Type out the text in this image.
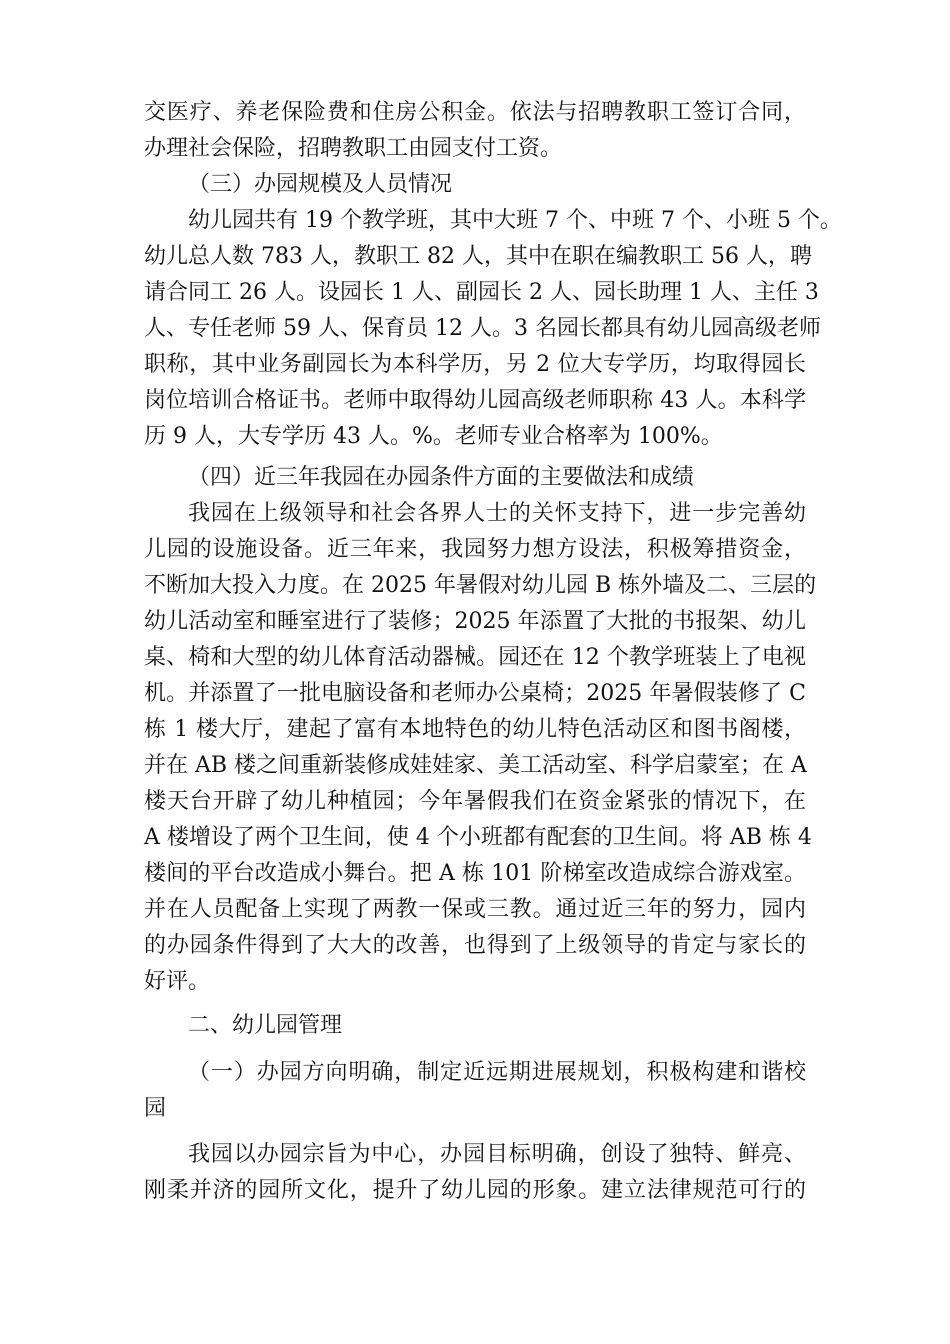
交医疗、养老保险费和住房公积金。依法与招聘教职工签订合同，
办理社会保险，招聘教职工由园支付工资。
（三）办园规模及人员情况
幼儿园共有 19 个教学班，其中大班 7 个、中班 7 个、小班 5 个。
幼儿总人数 783 人，教职工 82 人，其中在职在编教职工 56 人，聘
请合同工 26 人。设园长 1 人、副园长 2 人、园长助理 1 人、主任 3
人、专任老师 59 人、保育员 12 人。3 名园长都具有幼儿园高级老师
职称，其中业务副园长为本科学历，另 2 位大专学历，均取得园长
岗位培训合格证书。老师中取得幼儿园高级老师职称 43 人。本科学
历 9 人，大专学历 43 人。%。老师专业合格率为 100%。
（四）近三年我园在办园条件方面的主要做法和成绩
我园在上级领导和社会各界人士的关怀支持下，进一步完善幼
儿园的设施设备。近三年来，我园努力想方设法，积极筹措资金，
不断加大投入力度。在 2025 年暑假对幼儿园 B 栋外墙及二、三层的
幼儿活动室和睡室进行了装修；2025 年添置了大批的书报架、幼儿
桌、椅和大型的幼儿体育活动器械。园还在 12 个教学班装上了电视
机。并添置了一批电脑设备和老师办公桌椅；2025 年暑假装修了 C
栋 1 楼大厅，建起了富有本地特色的幼儿特色活动区和图书阁楼，
并在 AB 楼之间重新装修成娃娃家、美工活动室、科学启蒙室；在 A
楼天台开辟了幼儿种植园；今年暑假我们在资金紧张的情况下，在
A 楼增设了两个卫生间，使 4 个小班都有配套的卫生间。将 AB 栋 4
楼间的平台改造成小舞台。把 A 栋 101 阶梯室改造成综合游戏室。
并在人员配备上实现了两教一保或三教。通过近三年的努力，园内
的办园条件得到了大大的改善，也得到了上级领导的肯定与家长的
好评。
二、幼儿园管理
（一）办园方向明确，制定近远期进展规划，积极构建和谐校
园
我园以办园宗旨为中心，办园目标明确，创设了独特、鲜亮、
刚柔并济的园所文化，提升了幼儿园的形象。建立法律规范可行的
